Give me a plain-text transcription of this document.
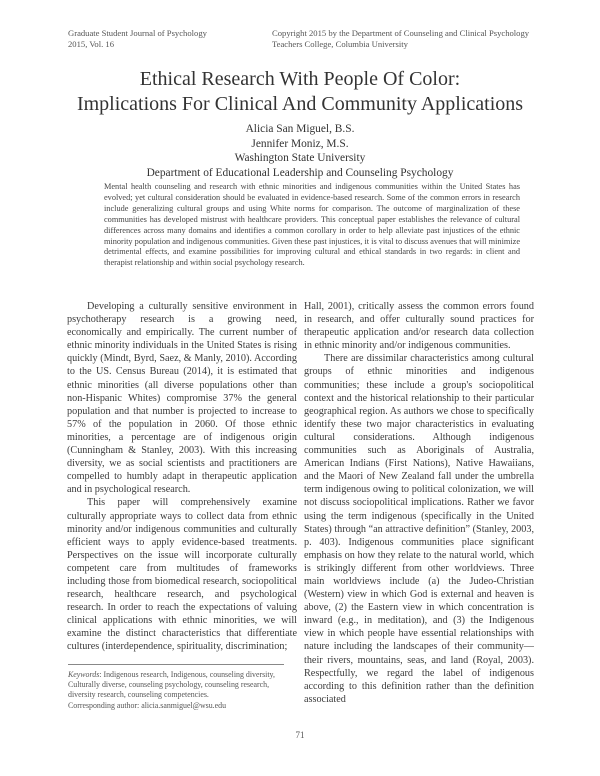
Graduate Student Journal of Psychology
2015, Vol. 16
Copyright 2015 by the Department of Counseling and Clinical Psychology
Teachers College, Columbia University
Ethical Research With People Of Color:
Implications For Clinical And Community Applications
Alicia San Miguel, B.S.
Jennifer Moniz, M.S.
Washington State University
Department of Educational Leadership and Counseling Psychology
Mental health counseling and research with ethnic minorities and indigenous communities within the United States has evolved; yet cultural consideration should be evaluated in evidence-based research. Some of the common errors in research include generalizing cultural groups and using White norms for comparison. The outcome of marginalization of these communities has developed mistrust with healthcare providers. This conceptual paper establishes the relevance of cultural differences across many domains and identifies a common corollary in order to help alleviate past injustices of the ethnic minority population and indigenous communities. Given these past injustices, it is vital to discuss avenues that will minimize detrimental effects, and examine possibilities for improving cultural and ethical standards in two regards: in client and therapist relationship and within social psychology research.

Developing a culturally sensitive environment in psychotherapy research is a growing need, economically and empirically. The current number of ethnic minority individuals in the United States is rising quickly (Mindt, Byrd, Saez, & Manly, 2010). According to the US. Census Bureau (2014), it is estimated that ethnic minorities (all diverse populations other than non-Hispanic Whites) compromise 37% the general population and that number is projected to increase to 57% of the population in 2060. Of those ethnic minorities, a percentage are of indigenous origin (Cunningham & Stanley, 2003). With this increasing diversity, we as social scientists and practitioners are compelled to humbly adapt in therapeutic application and in psychological research.

This paper will comprehensively examine culturally appropriate ways to collect data from ethnic minority and/or indigenous communities and culturally efficient ways to apply evidence-based treatments. Perspectives on the issue will incorporate culturally competent care from multitudes of frameworks including those from biomedical research, sociopolitical research, healthcare research, and psychological research. In order to reach the expectations of valuing clinical applications with ethnic minorities, we will examine the distinct characteristics that differentiate cultures (interdependence, spirituality, discrimination;

Hall, 2001), critically assess the common errors found in research, and offer culturally sound practices for therapeutic application and/or research data collection in ethnic minority and/or indigenous communities.

There are dissimilar characteristics among cultural groups of ethnic minorities and indigenous communities; these include a group's sociopolitical context and the historical relationship to their particular geographical region. As authors we chose to specifically identify these two major characteristics in evaluating cultural considerations. Although indigenous communities such as Aboriginals of Australia, American Indians (First Nations), Native Hawaiians, and the Maori of New Zealand fall under the umbrella term indigenous owing to political colonization, we will not discuss sociopolitical implications. Rather we favor using the term indigenous (specifically in the United States) through “an attractive definition” (Stanley, 2003, p. 403). Indigenous communities place significant emphasis on how they relate to the natural world, which is strikingly different from other worldviews. Three main worldviews include (a) the Judeo-Christian (Western) view in which God is external and heaven is above, (2) the Eastern view in which concentration is inward (e.g., in meditation), and (3) the Indigenous view in which people have essential relationships with nature including the landscapes of their community—their rivers, mountains, seas, and land (Royal, 2003). Respectfully, we regard the label of indigenous according to this definition rather than the definition associated

Keywords: Indigenous research, Indigenous, counseling diversity, Culturally diverse, counseling psychology, counseling research, diversity research, counseling competencies.
Corresponding author: alicia.sanmiguel@wsu.edu
71
